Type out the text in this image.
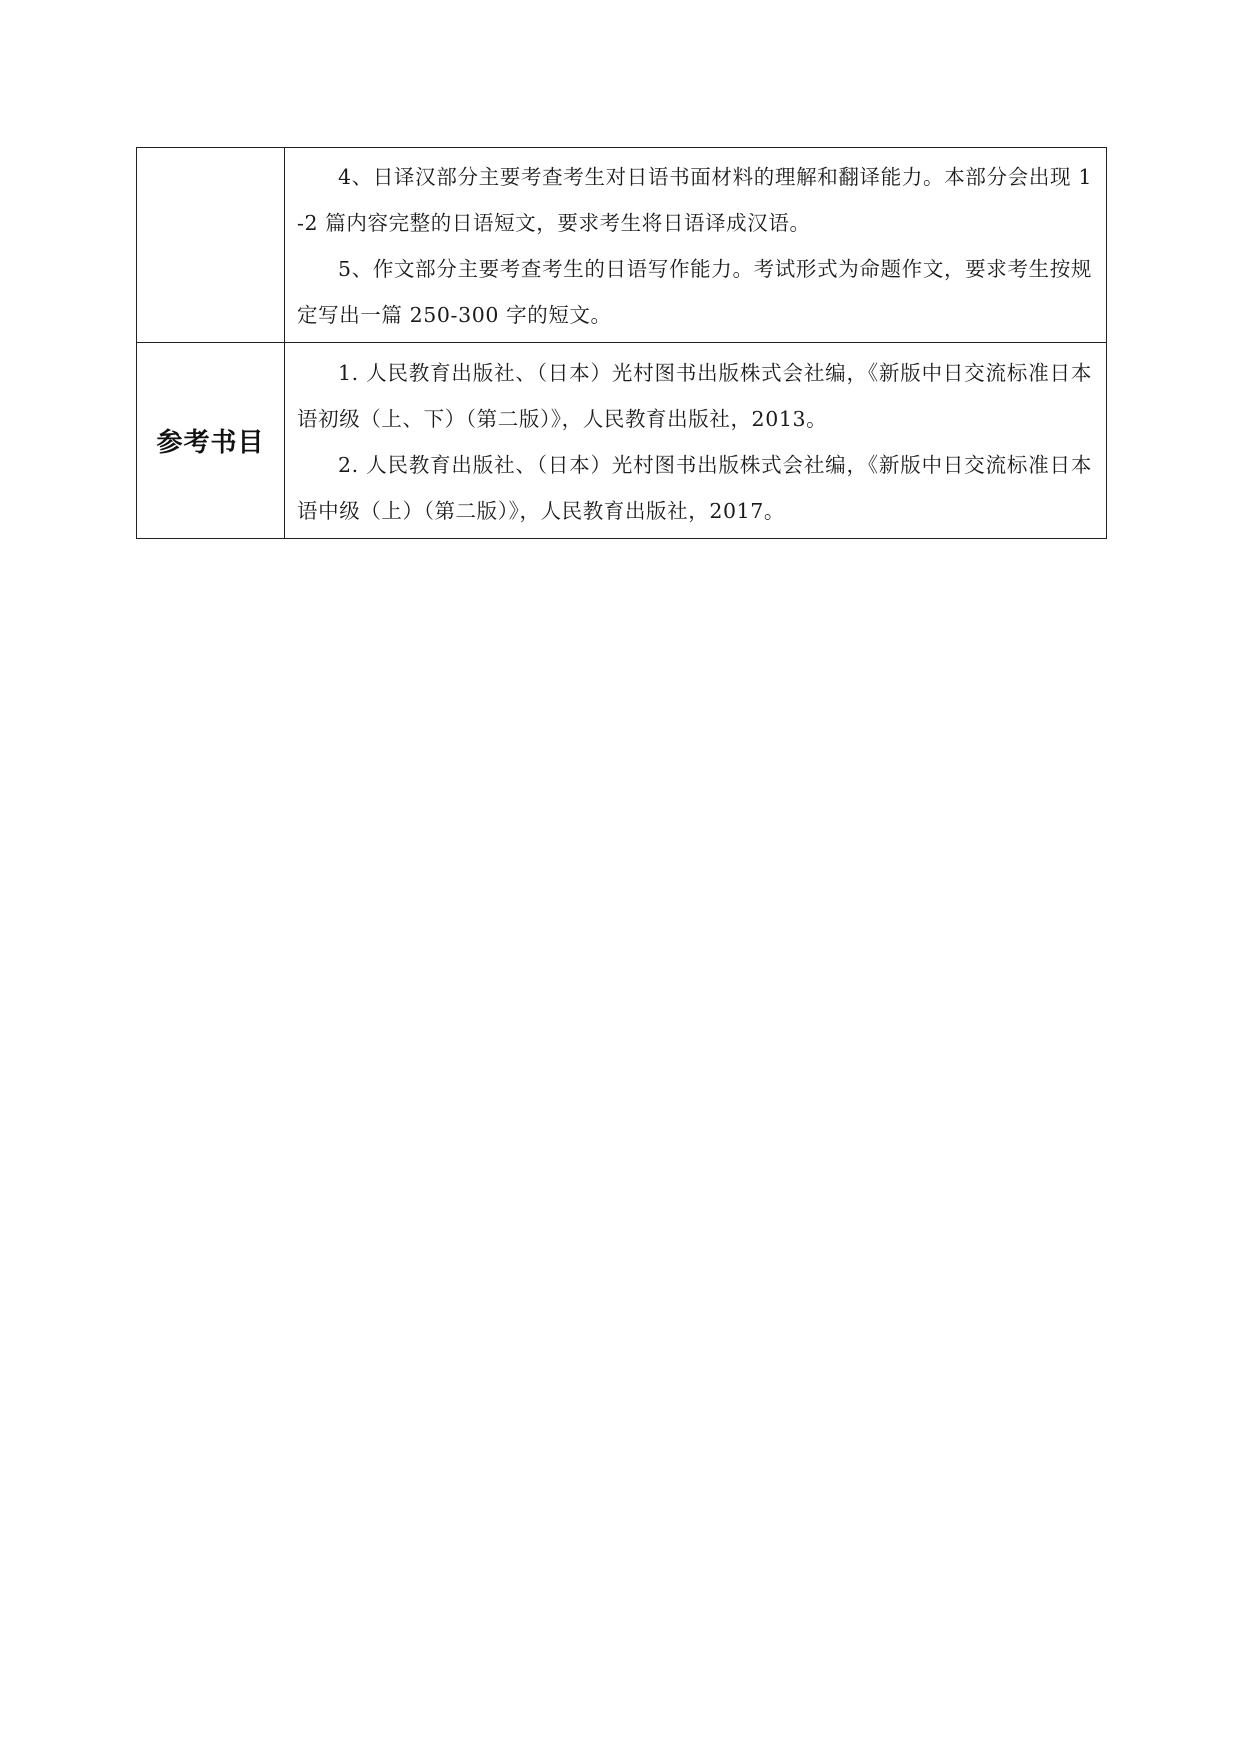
	4、日译汉部分主要考查考生对日语书面材料的理解和翻译能力。本部分会出现 1-2 篇内容完整的日语短文，要求考生将日语译成汉语。

5、作文部分主要考查考生的日语写作能力。考试形式为命题作文，要求考生按规定写出一篇 250-300 字的短文。

参考书目	1. 人民教育出版社、（日本）光村图书出版株式会社编，《新版中日交流标准日本语初级（上、下）（第二版）》，人民教育出版社，2013。

2. 人民教育出版社、（日本）光村图书出版株式会社编，《新版中日交流标准日本语中级（上）（第二版）》，人民教育出版社，2017。
